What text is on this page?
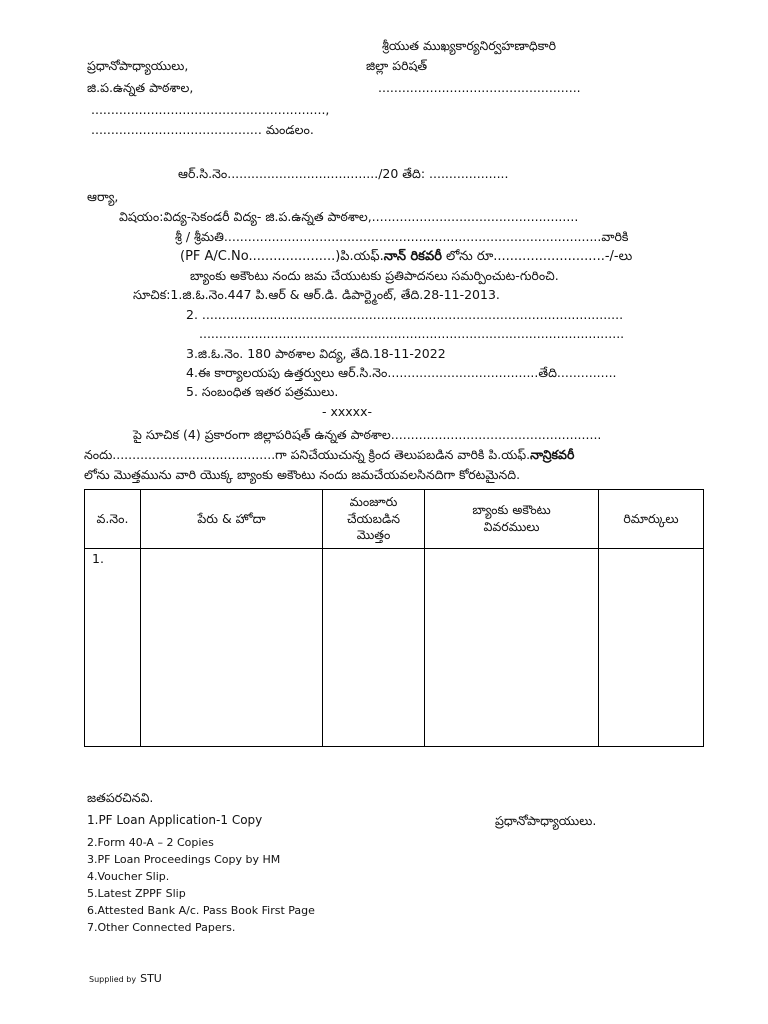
శ్రీయుత ముఖ్యకార్యనిర్వహణాధికారి
ప్రధానోపాధ్యాయులు,	జిల్లా పరిషత్
జి.ప.ఉన్నత పాఠశాల,	...................................................
...........................................................,
........................................... మండలం.
ఆర్.సి.నెం....................................../20 తేది: ....................
ఆర్యా,
విషయం:విద్య-సెకండరీ విద్య- జి.ప.ఉన్నత పాఠశాల,....................................................
శ్రీ / శ్రీమతి...............................................................................................వారికి
(PF A/C.No.....................)పి.యఫ్.నాన్ రికవరీ లోను రూ...........................-/-లు
బ్యాంకు అకౌంటు నందు జమ చేయుటకు ప్రతిపాదనలు సమర్పించుట-గురించి.
సూచిక:1.జి.ఓ.నెం.447 పి.ఆర్ & ఆర్.డి. డిపార్ట్మెంట్, తేది.28-11-2013.
2. ..........................................................................................................
...........................................................................................................
3.జి.ఓ.నెం. 180 పాఠశాల విద్య, తేది.18-11-2022
4.ఈ కార్యాలయపు ఉత్తర్వులు ఆర్.సి.నెం......................................తేది...............
5. సంబంధిత ఇతర పత్రములు.
- xxxxx-
పై సూచిక (4) ప్రకారంగా జిల్లాపరిషత్ ఉన్నత పాఠశాల.....................................................
నందు.........................................గా పనిచేయుచున్న క్రింద తెలుపబడిన వారికి పి.యఫ్.నాన్రికవరీ
లోను మొత్తమును వారి యొక్క బ్యాంకు అకౌంటు నందు జమచేయవలసినదిగా కోరటమైనది.
వ.నెం.	పేరు & హోదా	మంజూరు చేయబడిన మొత్తం	బ్యాంకు అకౌంటు వివరములు	రిమార్కులు
1.				
జతపరచినవి.
1.PF Loan Application-1 Copy
2.Form 40-A – 2 Copies
3.PF Loan Proceedings Copy by HM
4.Voucher Slip.
5.Latest ZPPF Slip
6.Attested Bank A/c. Pass Book First Page
7.Other Connected Papers.
ప్రధానోపాధ్యాయులు.
Supplied by STU
